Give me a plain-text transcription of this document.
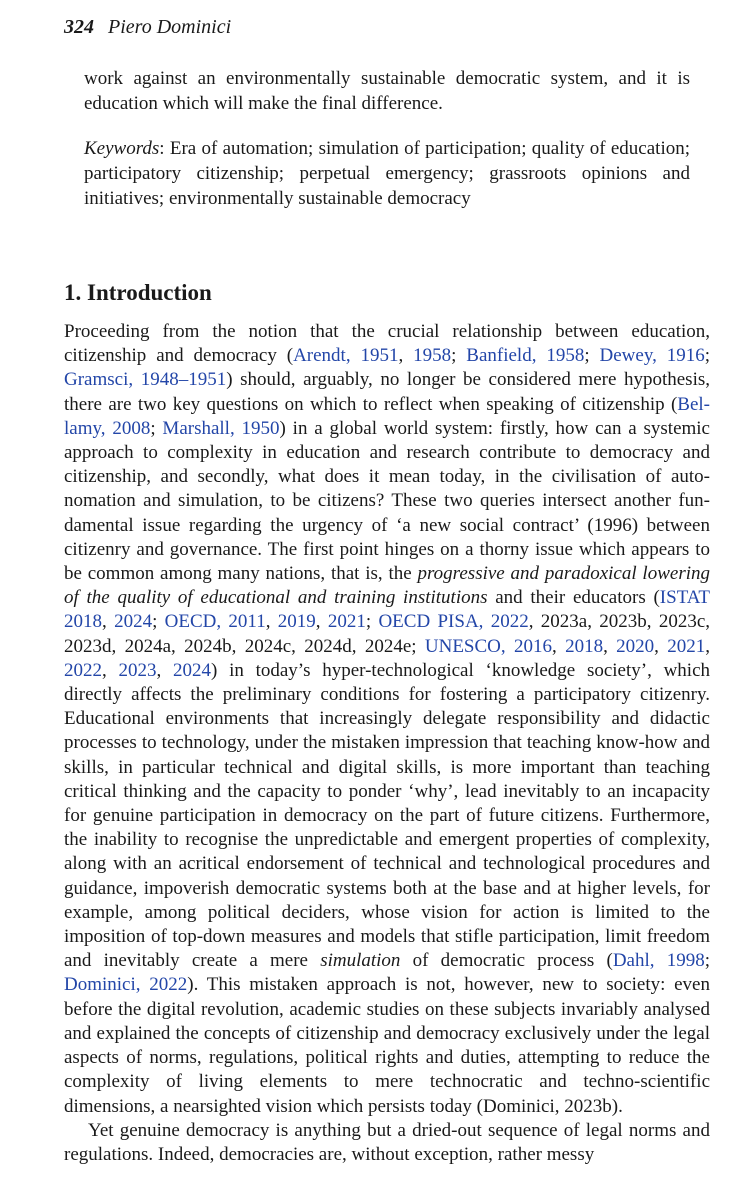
324 Piero Dominici

work against an environmentally sustainable democratic system, and it is education which will make the final difference.

Keywords: Era of automation; simulation of participation; quality of education; participatory citizenship; perpetual emergency; grassroots opinions and initiatives; environmentally sustainable democracy

1. Introduction

Proceeding from the notion that the crucial relationship between education, citizenship and democracy (Arendt, 1951, 1958; Banfield, 1958; Dewey, 1916; Gramsci, 1948–1951) should, arguably, no longer be considered mere hypothesis, there are two key questions on which to reflect when speaking of citizenship (Bellamy, 2008; Marshall, 1950) in a global world system: firstly, how can a systemic approach to complexity in education and research contribute to democracy and citizenship, and secondly, what does it mean today, in the civilisation of autonomation and simulation, to be citizens? These two queries intersect another fundamental issue regarding the urgency of ‘a new social contract’ (1996) between citizenry and governance. The first point hinges on a thorny issue which appears to be common among many nations, that is, the progressive and paradoxical lowering of the quality of educational and training institutions and their educators (ISTAT 2018, 2024; OECD, 2011, 2019, 2021; OECD PISA, 2022, 2023a, 2023b, 2023c, 2023d, 2024a, 2024b, 2024c, 2024d, 2024e; UNESCO, 2016, 2018, 2020, 2021, 2022, 2023, 2024) in today’s hyper-technological ‘knowledge society’, which directly affects the preliminary conditions for fostering a participatory citizenry. Educational environments that increasingly delegate responsibility and didactic processes to technology, under the mistaken impression that teaching know-how and skills, in particular technical and digital skills, is more important than teaching critical thinking and the capacity to ponder ‘why’, lead inevitably to an incapacity for genuine participation in democracy on the part of future citizens. Furthermore, the inability to recognise the unpredictable and emergent properties of complexity, along with an acritical endorsement of technical and technological procedures and guidance, impoverish democratic systems both at the base and at higher levels, for example, among political deciders, whose vision for action is limited to the imposition of top-down measures and models that stifle participation, limit freedom and inevitably create a mere simulation of democratic process (Dahl, 1998; Dominici, 2022). This mistaken approach is not, however, new to society: even before the digital revolution, academic studies on these subjects invariably analysed and explained the concepts of citizenship and democracy exclusively under the legal aspects of norms, regulations, political rights and duties, attempting to reduce the complexity of living elements to mere technocratic and techno-scientific dimensions, a nearsighted vision which persists today (Dominici, 2023b).

Yet genuine democracy is anything but a dried-out sequence of legal norms and regulations. Indeed, democracies are, without exception, rather messy
